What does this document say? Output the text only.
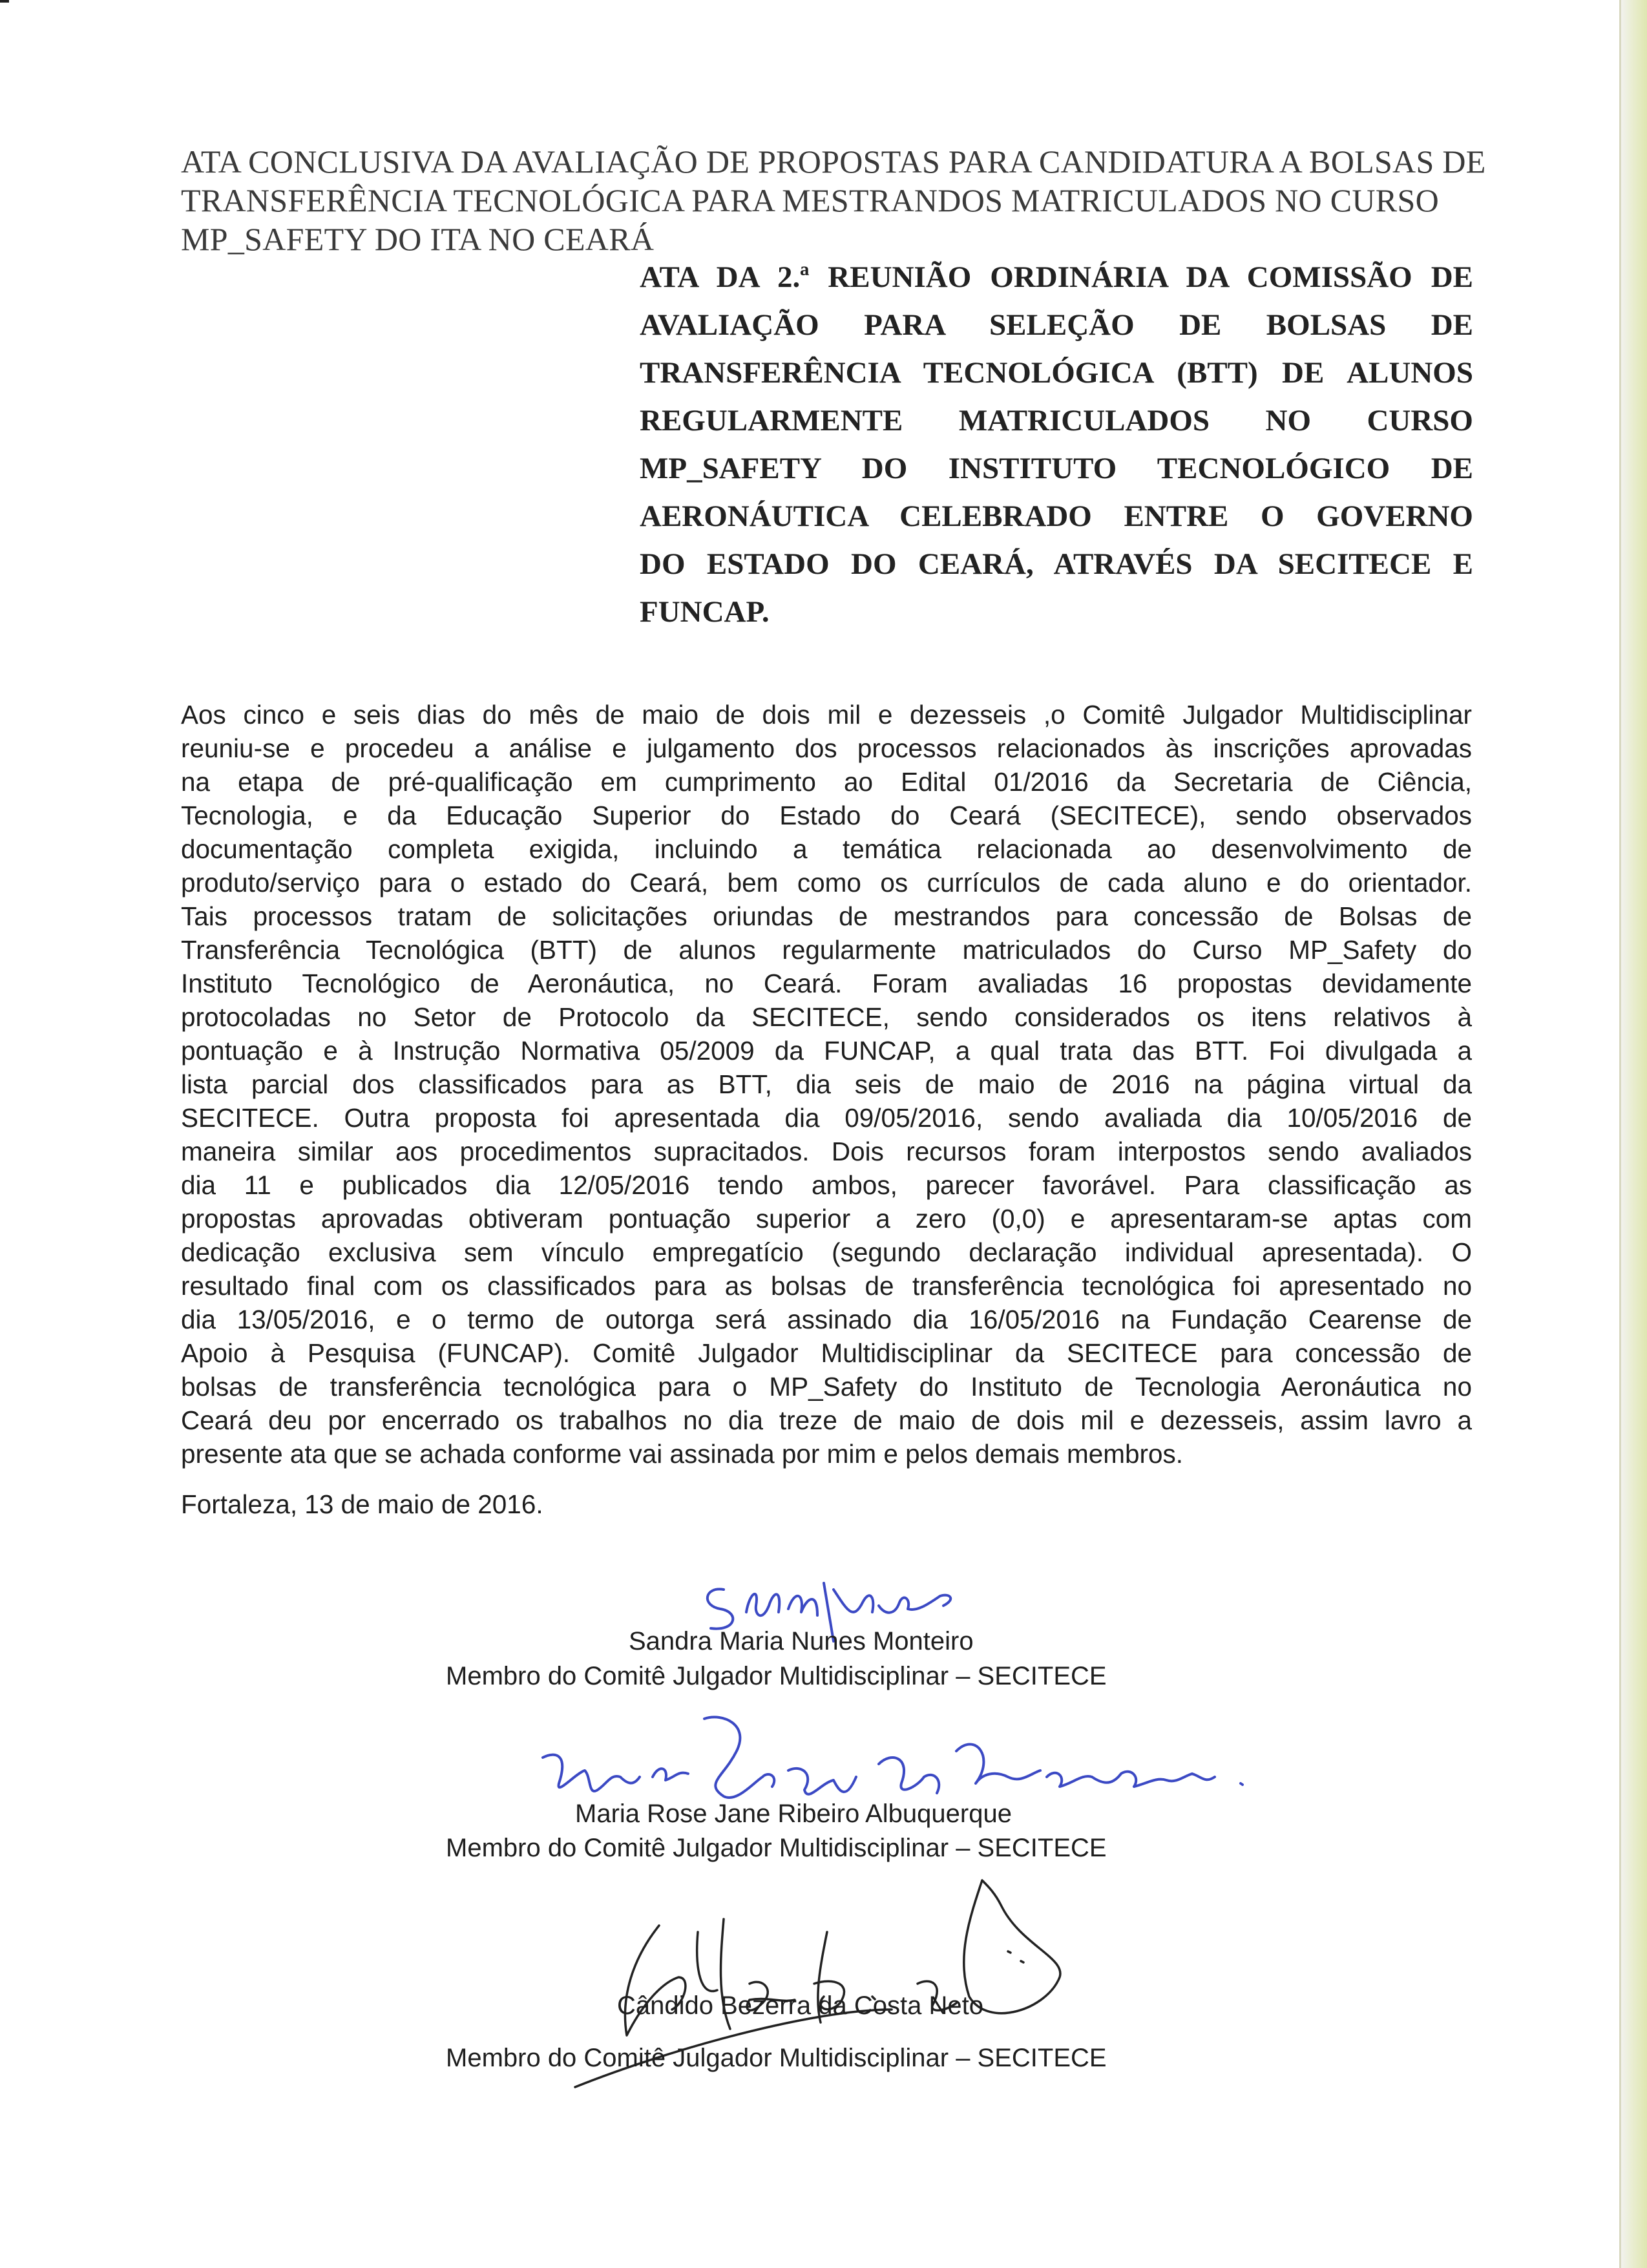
ATA CONCLUSIVA DA AVALIAÇÃO DE PROPOSTAS PARA CANDIDATURA A BOLSAS DE
TRANSFERÊNCIA TECNOLÓGICA PARA MESTRANDOS MATRICULADOS NO CURSO
MP_SAFETY DO ITA NO CEARÁ
ATA DA 2.ª REUNIÃO ORDINÁRIA DA COMISSÃO DE
AVALIAÇÃO PARA SELEÇÃO DE BOLSAS DE
TRANSFERÊNCIA TECNOLÓGICA (BTT) DE ALUNOS
REGULARMENTE MATRICULADOS NO CURSO
MP_SAFETY DO INSTITUTO TECNOLÓGICO DE
AERONÁUTICA CELEBRADO ENTRE O GOVERNO
DO ESTADO DO CEARÁ, ATRAVÉS DA SECITECE E
FUNCAP.
Aos cinco e seis dias do mês de maio de dois mil e dezesseis ,o Comitê Julgador Multidisciplinar
reuniu-se e procedeu a análise e julgamento dos processos relacionados às inscrições aprovadas
na etapa de pré-qualificação em cumprimento ao Edital 01/2016 da Secretaria de Ciência,
Tecnologia, e da Educação Superior do Estado do Ceará (SECITECE), sendo observados
documentação completa exigida, incluindo a temática relacionada ao desenvolvimento de
produto/serviço para o estado do Ceará, bem como os currículos de cada aluno e do orientador.
Tais processos tratam de solicitações oriundas de mestrandos para concessão de Bolsas de
Transferência Tecnológica (BTT) de alunos regularmente matriculados do Curso MP_Safety do
Instituto Tecnológico de Aeronáutica, no Ceará. Foram avaliadas 16 propostas devidamente
protocoladas no Setor de Protocolo da SECITECE, sendo considerados os itens relativos à
pontuação e à Instrução Normativa 05/2009 da FUNCAP, a qual trata das BTT. Foi divulgada a
lista parcial dos classificados para as BTT, dia seis de maio de 2016 na página virtual da
SECITECE. Outra proposta foi apresentada dia 09/05/2016, sendo avaliada dia 10/05/2016 de
maneira similar aos procedimentos supracitados. Dois recursos foram interpostos sendo avaliados
dia 11 e publicados dia 12/05/2016 tendo ambos, parecer favorável. Para classificação as
propostas aprovadas obtiveram pontuação superior a zero (0,0) e apresentaram-se aptas com
dedicação exclusiva sem vínculo empregatício (segundo declaração individual apresentada). O
resultado final com os classificados para as bolsas de transferência tecnológica foi apresentado no
dia 13/05/2016, e o termo de outorga será assinado dia 16/05/2016 na Fundação Cearense de
Apoio à Pesquisa (FUNCAP). Comitê Julgador Multidisciplinar da SECITECE para concessão de
bolsas de transferência tecnológica para o MP_Safety do Instituto de Tecnologia Aeronáutica no
Ceará deu por encerrado os trabalhos no dia treze de maio de dois mil e dezesseis, assim lavro a
presente ata que se achada conforme vai assinada por mim e pelos demais membros.
Fortaleza, 13 de maio de 2016.
Sandra Maria Nunes Monteiro
Membro do Comitê Julgador Multidisciplinar – SECITECE
Maria Rose Jane Ribeiro Albuquerque
Membro do Comitê Julgador Multidisciplinar – SECITECE
Cândido Bezerra da Costa Neto
Membro do Comitê Julgador Multidisciplinar – SECITECE
